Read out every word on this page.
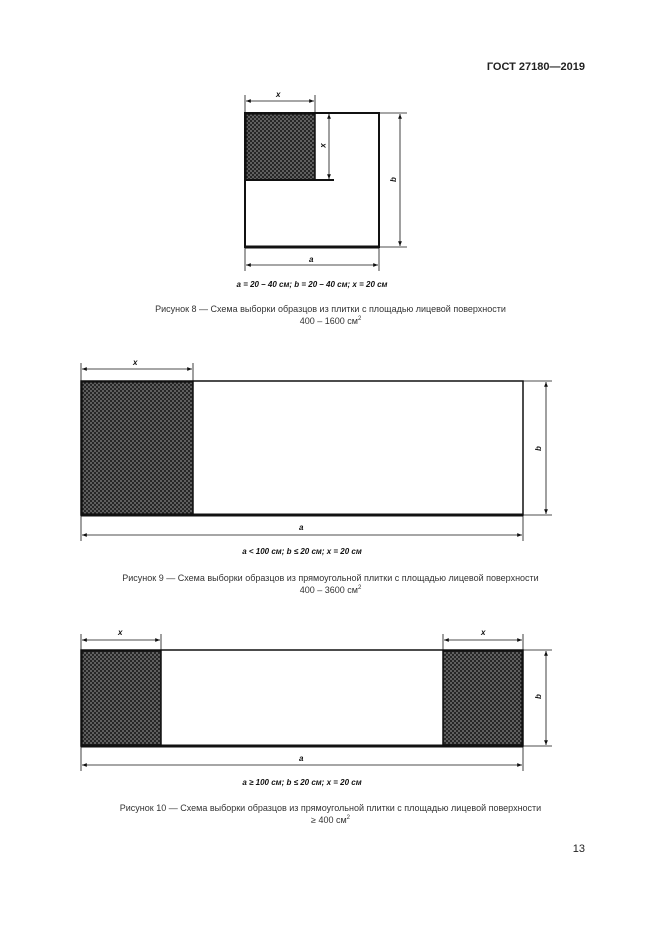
ГОСТ 27180—2019
x
x
b
a
a = 20 – 40 см; b = 20 – 40 см; x = 20 см
Рисунок 8 — Схема выборки образцов из плитки с площадью лицевой поверхности
400 – 1600 $см^2$
x
b
a
a < 100 см; b ≤ 20 см; x = 20 см
Рисунок 9 — Схема выборки образцов из прямоугольной плитки с площадью лицевой поверхности
400 – 3600 $см^2$
x	x
b
a
a ≥ 100 см; b ≤ 20 см; x = 20 см
Рисунок 10 — Схема выборки образцов из прямоугольной плитки с площадью лицевой поверхности
≥ 400 $см^2$
13
